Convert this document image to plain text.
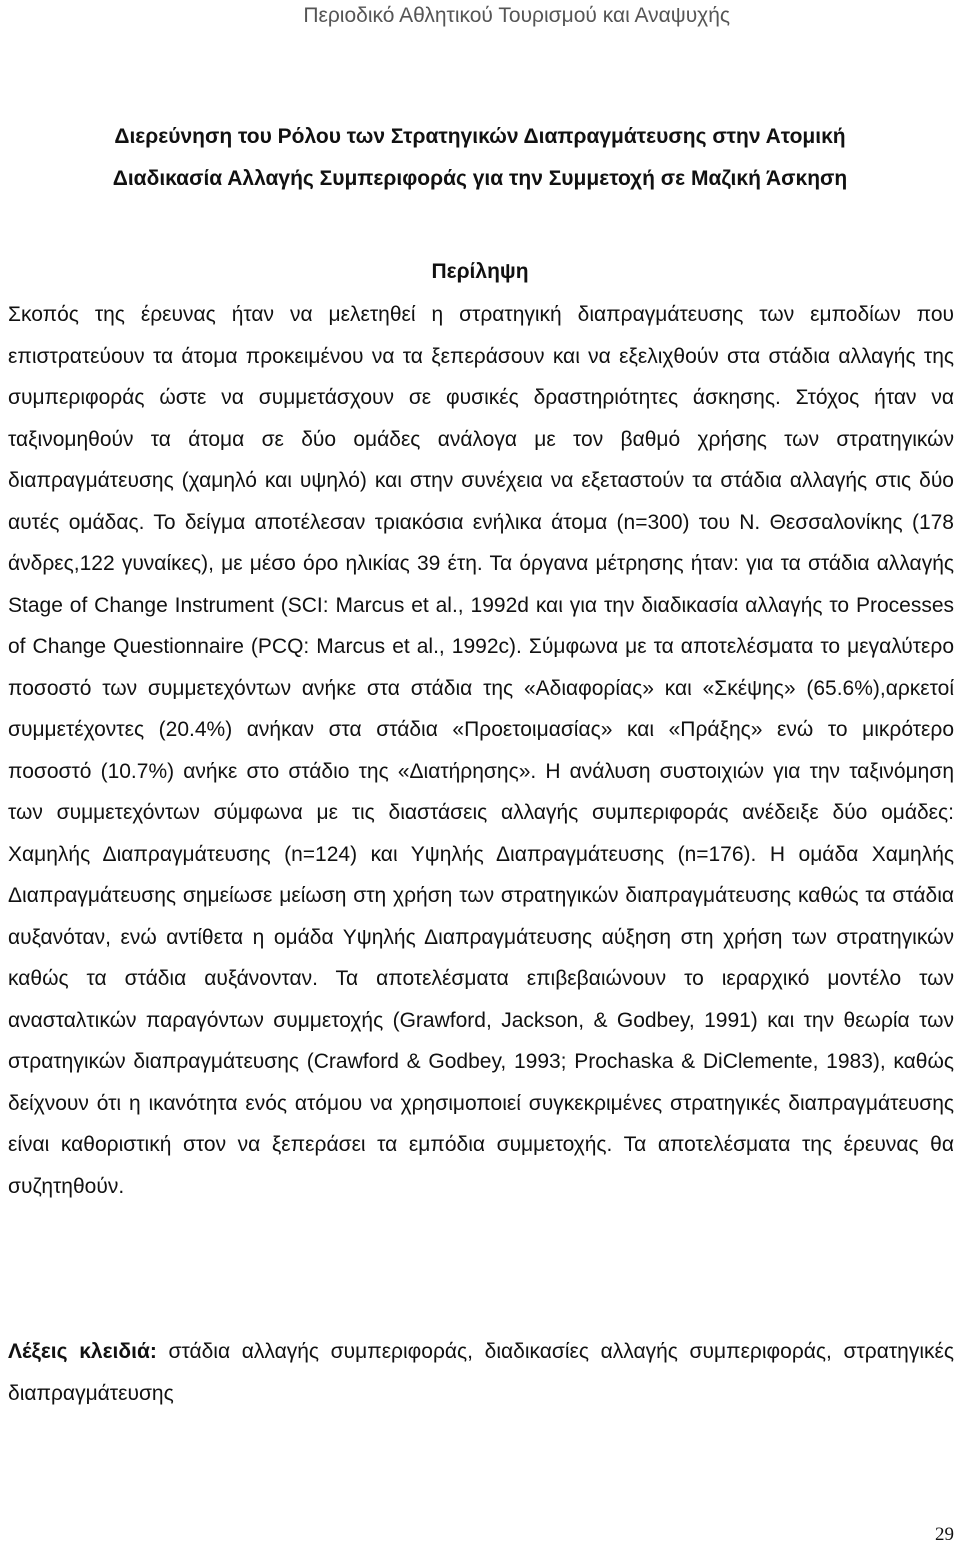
Περιοδικό Αθλητικού Τουρισμού και Αναψυχής
Διερεύνηση του Ρόλου των Στρατηγικών Διαπραγμάτευσης στην Ατομική
Διαδικασία Αλλαγής Συμπεριφοράς για την Συμμετοχή σε Μαζική Άσκηση
Περίληψη

Σκοπός της έρευνας ήταν να μελετηθεί η στρατηγική διαπραγμάτευσης των εμποδίων που επιστρατεύουν τα άτομα προκειμένου να τα ξεπεράσουν και να εξελιχθούν στα στάδια αλλαγής της συμπεριφοράς ώστε να συμμετάσχουν σε φυσικές δραστηριότητες άσκησης. Στόχος ήταν να ταξινομηθούν τα άτομα σε δύο ομάδες ανάλογα με τον βαθμό χρήσης των στρατηγικών διαπραγμάτευσης (χαμηλό και υψηλό) και στην συνέχεια να εξεταστούν τα στάδια αλλαγής στις δύο αυτές ομάδας. Το δείγμα αποτέλεσαν τριακόσια ενήλικα άτομα (n=300) του Ν. Θεσσαλονίκης (178 άνδρες,122 γυναίκες), με μέσο όρο ηλικίας 39 έτη. Τα όργανα μέτρησης ήταν: για τα στάδια αλλαγής Stage of Change Instrument (SCI: Marcus et al., 1992d και για την διαδικασία αλλαγής το Processes of Change Questionnaire (PCQ: Marcus et al., 1992c). Σύμφωνα με τα αποτελέσματα το μεγαλύτερο ποσοστό των συμμετεχόντων ανήκε στα στάδια της «Αδιαφορίας» και «Σκέψης» (65.6%),αρκετοί συμμετέχοντες (20.4%) ανήκαν στα στάδια «Προετοιμασίας» και «Πράξης» ενώ το μικρότερο ποσοστό (10.7%) ανήκε στο στάδιο της «Διατήρησης». Η ανάλυση συστοιχιών για την ταξινόμηση των συμμετεχόντων σύμφωνα με τις διαστάσεις αλλαγής συμπεριφοράς ανέδειξε δύο ομάδες: Χαμηλής Διαπραγμάτευσης (n=124) και Υψηλής Διαπραγμάτευσης (n=176). Η ομάδα Χαμηλής Διαπραγμάτευσης σημείωσε μείωση στη χρήση των στρατηγικών διαπραγμάτευσης καθώς τα στάδια αυξανόταν, ενώ αντίθετα η ομάδα Υψηλής Διαπραγμάτευσης αύξηση στη χρήση των στρατηγικών καθώς τα στάδια αυξάνονταν. Τα αποτελέσματα επιβεβαιώνουν το ιεραρχικό μοντέλο των ανασταλτικών παραγόντων συμμετοχής (Grawford, Jackson, & Godbey, 1991) και την θεωρία των στρατηγικών διαπραγμάτευσης (Crawford & Godbey, 1993; Prochaska & DiClemente, 1983), καθώς δείχνουν ότι η ικανότητα ενός ατόμου να χρησιμοποιεί συγκεκριμένες στρατηγικές διαπραγμάτευσης είναι καθοριστική στον να ξεπεράσει τα εμπόδια συμμετοχής. Τα αποτελέσματα της έρευνας θα συζητηθούν.

Λέξεις κλειδιά: στάδια αλλαγής συμπεριφοράς, διαδικασίες αλλαγής συμπεριφοράς, στρατηγικές διαπραγμάτευσης

29
